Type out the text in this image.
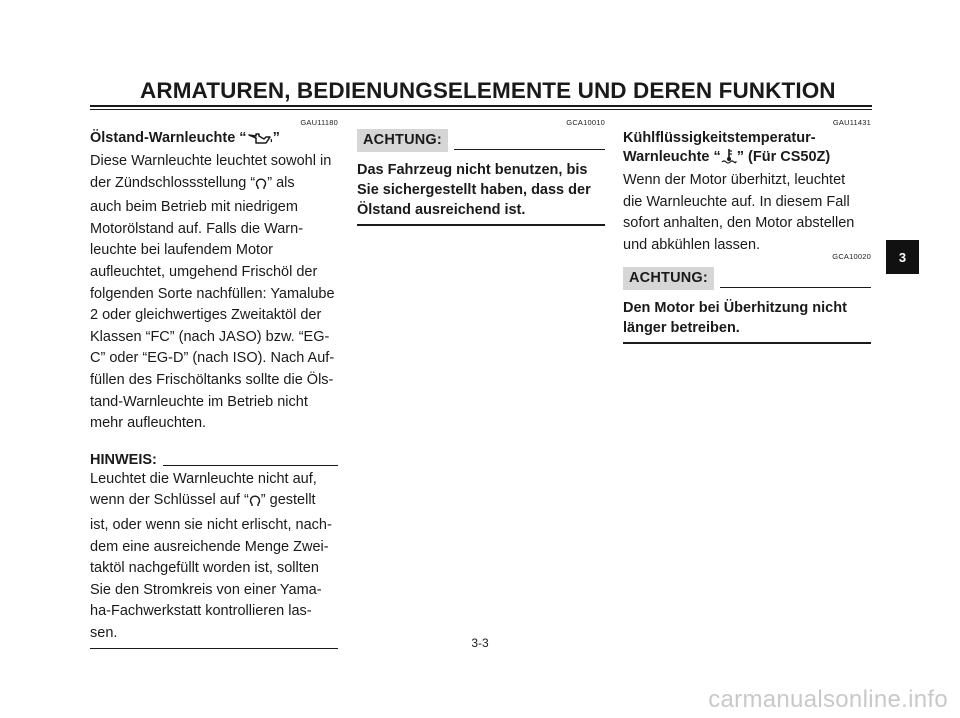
ARMATUREN, BEDIENUNGSELEMENTE UND DEREN FUNKTION
GAU11180
Ölstand-Warnleuchte “ ”
Diese Warnleuchte leuchtet sowohl in
der Zündschlossstellung “ ” als
auch beim Betrieb mit niedrigem
Motorölstand auf. Falls die Warn-
leuchte bei laufendem Motor
aufleuchtet, umgehend Frischöl der
folgenden Sorte nachfüllen: Yamalube
2 oder gleichwertiges Zweitaktöl der
Klassen “FC” (nach JASO) bzw. “EG-
C” oder “EG-D” (nach ISO). Nach Auf-
füllen des Frischöltanks sollte die Öls-
tand-Warnleuchte im Betrieb nicht
mehr aufleuchten.
HINWEIS:
Leuchtet die Warnleuchte nicht auf,
wenn der Schlüssel auf “ ” gestellt
ist, oder wenn sie nicht erlischt, nach-
dem eine ausreichende Menge Zwei-
taktöl nachgefüllt worden ist, sollten
Sie den Stromkreis von einer Yama-
ha-Fachwerkstatt kontrollieren las-
sen.
GCA10010
ACHTUNG:
Das Fahrzeug nicht benutzen, bis
Sie sichergestellt haben, dass der
Ölstand ausreichend ist.
GAU11431
Kühlflüssigkeitstemperatur-
Warnleuchte “ ” (Für CS50Z)
Wenn der Motor überhitzt, leuchtet
die Warnleuchte auf. In diesem Fall
sofort anhalten, den Motor abstellen
und abkühlen lassen.
GCA10020
ACHTUNG:
Den Motor bei Überhitzung nicht
länger betreiben.
3
3-3
carmanualsonline.info
